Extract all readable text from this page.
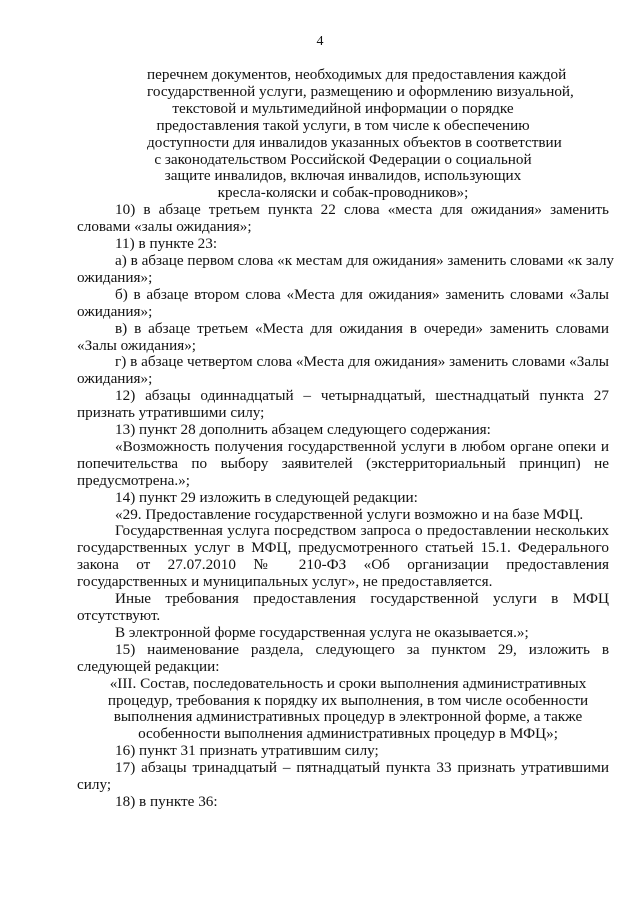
4
перечнем документов, необходимых для предоставления каждой
государственной услуги, размещению и оформлению визуальной,
текстовой и мультимедийной информации о порядке
предоставления такой услуги, в том числе к обеспечению
доступности для инвалидов указанных объектов в соответствии
с законодательством Российской Федерации о социальной
защите инвалидов, включая инвалидов, использующих
кресла-коляски и собак-проводников»;
10) в абзаце третьем пункта 22 слова «места для ожидания» заменить
словами «залы ожидания»;
11) в пункте 23:
а) в абзаце первом слова «к местам для ожидания» заменить словами «к залу
ожидания»;
б) в абзаце втором слова «Места для ожидания» заменить словами «Залы
ожидания»;
в) в абзаце третьем «Места для ожидания в очереди» заменить словами
«Залы ожидания»;
г) в абзаце четвертом слова «Места для ожидания» заменить словами «Залы
ожидания»;
12) абзацы одиннадцатый – четырнадцатый, шестнадцатый пункта 27
признать утратившими силу;
13) пункт 28 дополнить абзацем следующего содержания:
«Возможность получения государственной услуги в любом органе опеки и
попечительства по выбору заявителей (экстерриториальный принцип) не
предусмотрена.»;
14) пункт 29 изложить в следующей редакции:
«29. Предоставление государственной услуги возможно и на базе МФЦ.
Государственная услуга посредством запроса о предоставлении нескольких
государственных услуг в МФЦ, предусмотренного статьей 15.1. Федерального
закона от 27.07.2010 № 210-ФЗ «Об организации предоставления
государственных и муниципальных услуг», не предоставляется.
Иные требования предоставления государственной услуги в МФЦ
отсутствуют.
В электронной форме государственная услуга не оказывается.»;
15) наименование раздела, следующего за пунктом 29, изложить в
следующей редакции:
«III. Состав, последовательность и сроки выполнения административных
процедур, требования к порядку их выполнения, в том числе особенности
выполнения административных процедур в электронной форме, а также
особенности выполнения административных процедур в МФЦ»;
16) пункт 31 признать утратившим силу;
17) абзацы тринадцатый – пятнадцатый пункта 33 признать утратившими
силу;
18) в пункте 36:
